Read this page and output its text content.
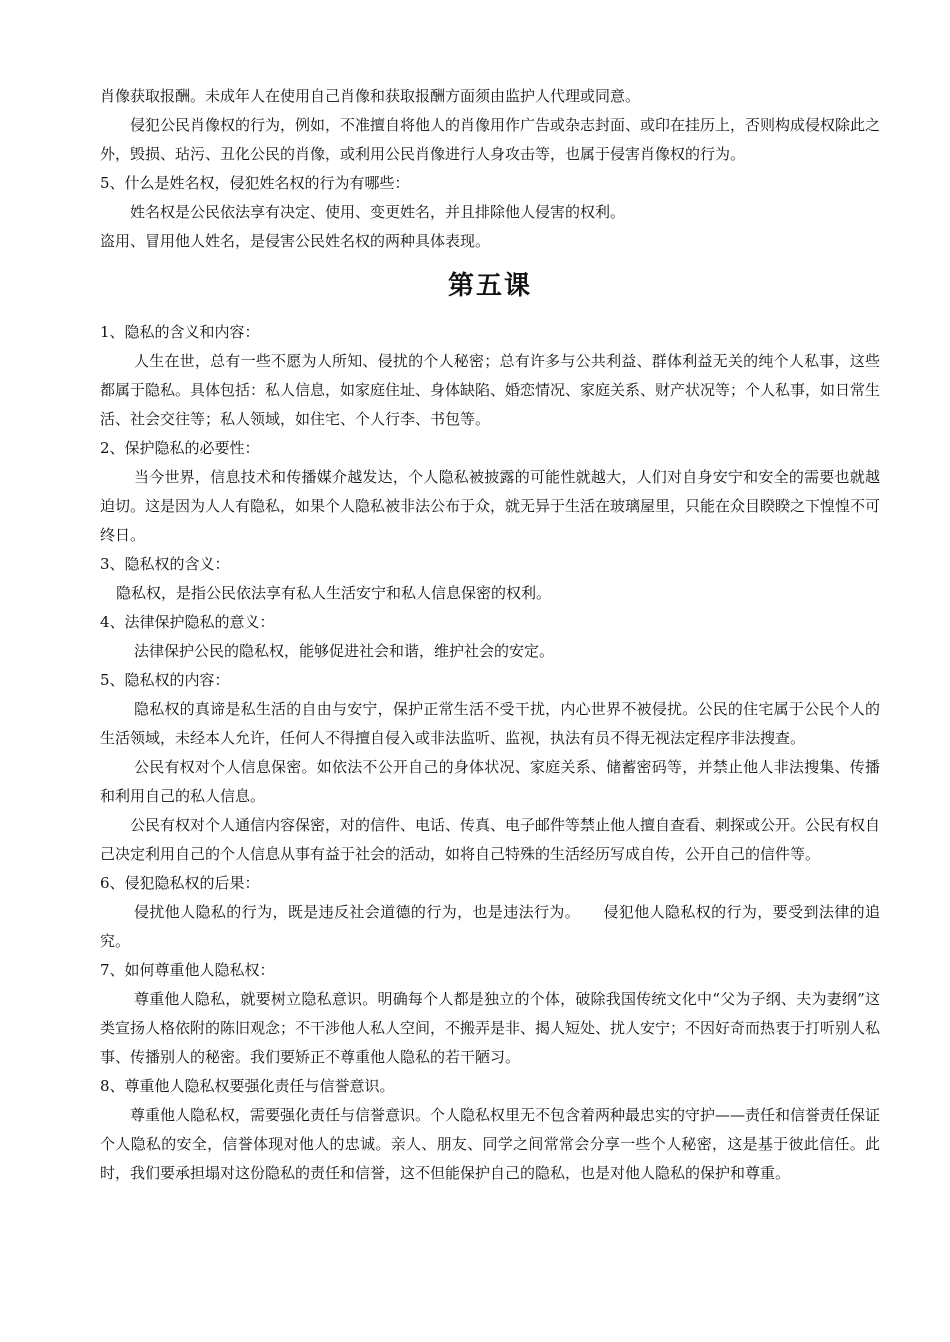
肖像获取报酬。未成年人在使用自己肖像和获取报酬方面须由监护人代理或同意。

侵犯公民肖像权的行为，例如，不准擅自将他人的肖像用作广告或杂志封面、或印在挂历上，否则构成侵权除此之外，毁损、玷污、丑化公民的肖像，或利用公民肖像进行人身攻击等，也属于侵害肖像权的行为。

5、什么是姓名权，侵犯姓名权的行为有哪些：

姓名权是公民依法享有决定、使用、变更姓名，并且排除他人侵害的权利。

盗用、冒用他人姓名，是侵害公民姓名权的两种具体表现。

第五课

1、隐私的含义和内容：

人生在世，总有一些不愿为人所知、侵扰的个人秘密；总有许多与公共利益、群体利益无关的纯个人私事，这些都属于隐私。具体包括：私人信息，如家庭住址、身体缺陷、婚恋情况、家庭关系、财产状况等；个人私事，如日常生活、社会交往等；私人领域，如住宅、个人行李、书包等。

2、保护隐私的必要性：

当今世界，信息技术和传播媒介越发达，个人隐私被披露的可能性就越大，人们对自身安宁和安全的需要也就越迫切。这是因为人人有隐私，如果个人隐私被非法公布于众，就无异于生活在玻璃屋里，只能在众目睽睽之下惶惶不可终日。

3、隐私权的含义：

隐私权，是指公民依法享有私人生活安宁和私人信息保密的权利。

4、法律保护隐私的意义：

法律保护公民的隐私权，能够促进社会和谐，维护社会的安定。

5、隐私权的内容：

隐私权的真谛是私生活的自由与安宁，保护正常生活不受干扰，内心世界不被侵扰。公民的住宅属于公民个人的生活领域，未经本人允许，任何人不得擅自侵入或非法监听、监视，执法有员不得无视法定程序非法搜查。

公民有权对个人信息保密。如依法不公开自己的身体状况、家庭关系、储蓄密码等，并禁止他人非法搜集、传播和利用自己的私人信息。

公民有权对个人通信内容保密，对的信件、电话、传真、电子邮件等禁止他人擅自查看、刺探或公开。公民有权自己决定利用自己的个人信息从事有益于社会的活动，如将自己特殊的生活经历写成自传，公开自己的信件等。

6、侵犯隐私权的后果：

侵扰他人隐私的行为，既是违反社会道德的行为，也是违法行为。　　侵犯他人隐私权的行为，要受到法律的追究。

7、如何尊重他人隐私权：

尊重他人隐私，就要树立隐私意识。明确每个人都是独立的个体，破除我国传统文化中“父为子纲、夫为妻纲”这类宣扬人格依附的陈旧观念；不干涉他人私人空间，不搬弄是非、揭人短处、扰人安宁；不因好奇而热衷于打听别人私事、传播别人的秘密。我们要矫正不尊重他人隐私的若干陋习。

8、尊重他人隐私权要强化责任与信誉意识。

尊重他人隐私权，需要强化责任与信誉意识。个人隐私权里无不包含着两种最忠实的守护——责任和信誉责任保证个人隐私的安全，信誉体现对他人的忠诚。亲人、朋友、同学之间常常会分享一些个人秘密，这是基于彼此信任。此时，我们要承担塌对这份隐私的责任和信誉，这不但能保护自己的隐私，也是对他人隐私的保护和尊重。
